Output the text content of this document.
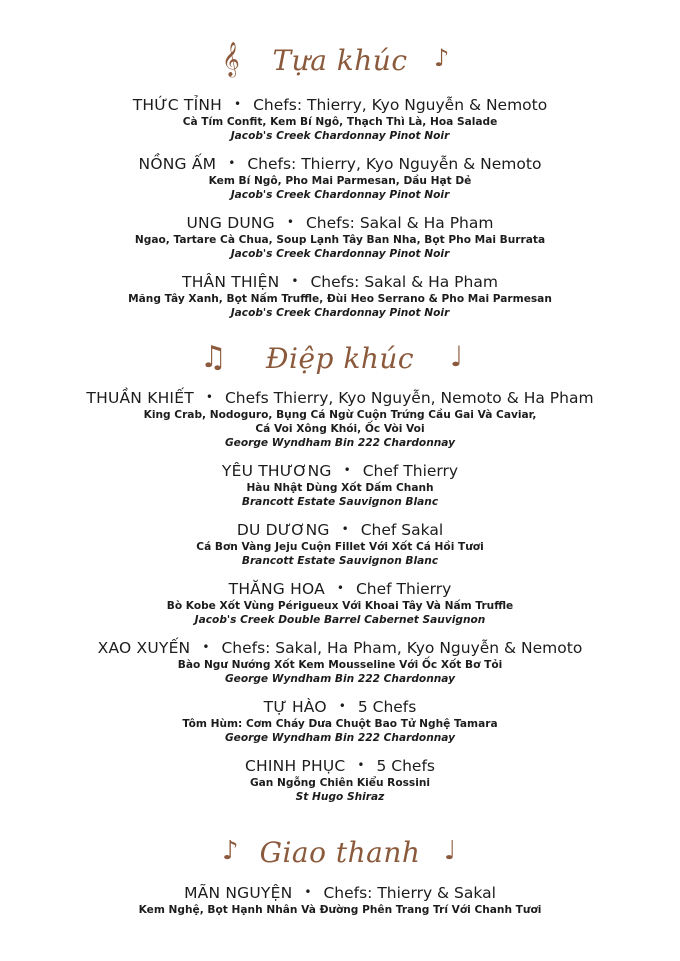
𝄞 Tựa khúc ♪
THỨC TỈNH • Chefs: Thierry, Kyo Nguyễn & Nemoto
Cà Tím Confit, Kem Bí Ngô, Thạch Thì Là, Hoa Salade
Jacob's Creek Chardonnay Pinot Noir
NỒNG ẤM • Chefs: Thierry, Kyo Nguyễn & Nemoto
Kem Bí Ngô, Pho Mai Parmesan, Dầu Hạt Dẻ
Jacob's Creek Chardonnay Pinot Noir
UNG DUNG • Chefs: Sakal & Ha Pham
Ngao, Tartare Cà Chua, Soup Lạnh Tây Ban Nha, Bọt Pho Mai Burrata
Jacob's Creek Chardonnay Pinot Noir
THÂN THIỆN • Chefs: Sakal & Ha Pham
Măng Tây Xanh, Bọt Nấm Truffle, Đùi Heo Serrano & Pho Mai Parmesan
Jacob's Creek Chardonnay Pinot Noir
♫ Điệp khúc ♩
THUẦN KHIẾT • Chefs Thierry, Kyo Nguyễn, Nemoto & Ha Pham
King Crab, Nodoguro, Bụng Cá Ngừ Cuộn Trứng Cầu Gai Và Caviar,
Cá Voi Xông Khói, Ốc Vòi Voi
George Wyndham Bin 222 Chardonnay
YÊU THƯƠNG • Chef Thierry
Hàu Nhật Dùng Xốt Dấm Chanh
Brancott Estate Sauvignon Blanc
DU DƯƠNG • Chef Sakal
Cá Bơn Vàng Jeju Cuộn Fillet Với Xốt Cá Hồi Tươi
Brancott Estate Sauvignon Blanc
THĂNG HOA • Chef Thierry
Bò Kobe Xốt Vùng Périgueux Với Khoai Tây Và Nấm Truffle
Jacob's Creek Double Barrel Cabernet Sauvignon
XAO XUYẾN • Chefs: Sakal, Ha Pham, Kyo Nguyễn & Nemoto
Bào Ngư Nướng Xốt Kem Mousseline Với Ốc Xốt Bơ Tỏi
George Wyndham Bin 222 Chardonnay
TỰ HÀO • 5 Chefs
Tôm Hùm: Cơm Cháy Dưa Chuột Bao Tử Nghệ Tamara
George Wyndham Bin 222 Chardonnay
CHINH PHỤC • 5 Chefs
Gan Ngỗng Chiên Kiểu Rossini
St Hugo Shiraz
♪ Giao thanh ♩
MÃN NGUYỆN • Chefs: Thierry & Sakal
Kem Nghệ, Bọt Hạnh Nhân Và Đường Phên Trang Trí Với Chanh Tươi
